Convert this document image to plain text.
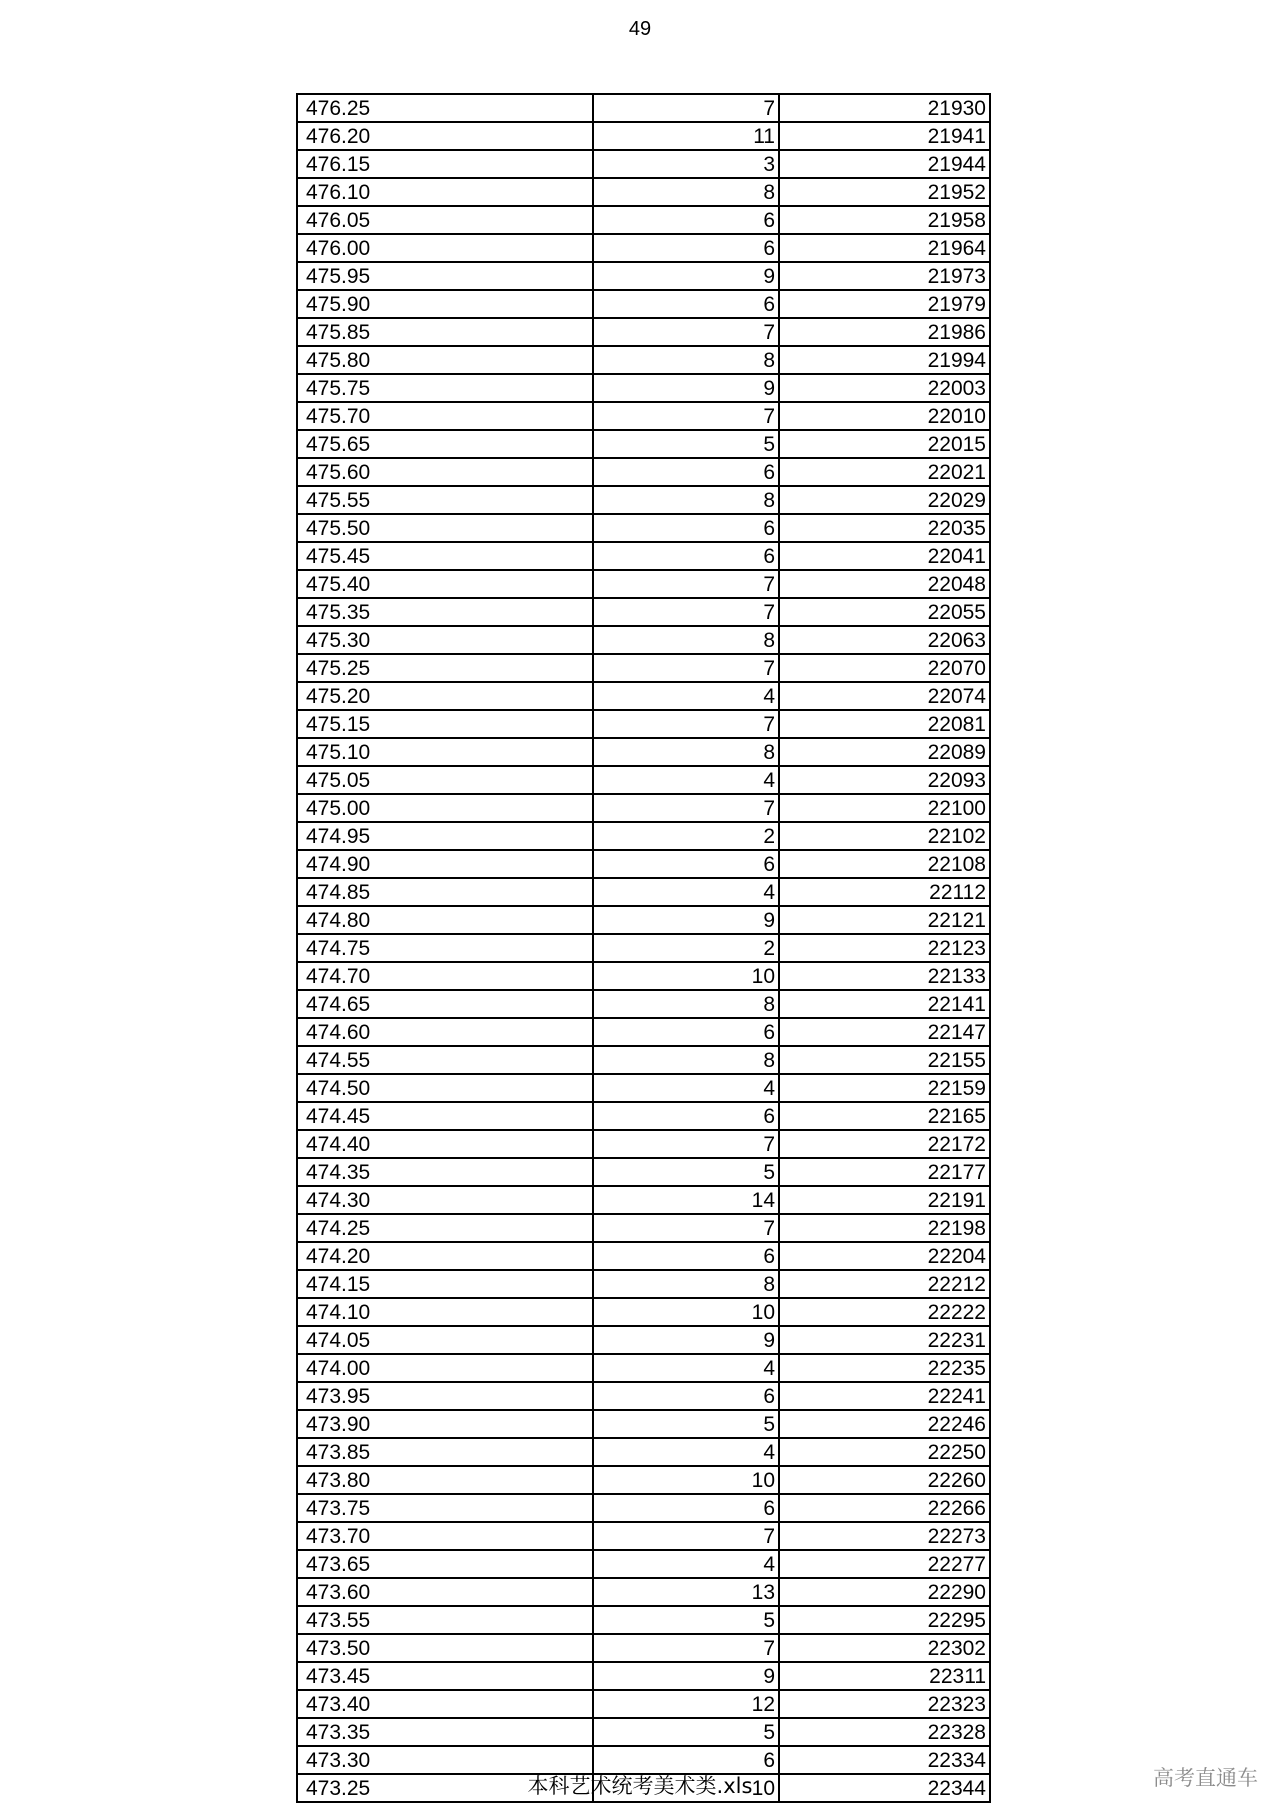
49
476.25	7	21930
476.20	11	21941
476.15	3	21944
476.10	8	21952
476.05	6	21958
476.00	6	21964
475.95	9	21973
475.90	6	21979
475.85	7	21986
475.80	8	21994
475.75	9	22003
475.70	7	22010
475.65	5	22015
475.60	6	22021
475.55	8	22029
475.50	6	22035
475.45	6	22041
475.40	7	22048
475.35	7	22055
475.30	8	22063
475.25	7	22070
475.20	4	22074
475.15	7	22081
475.10	8	22089
475.05	4	22093
475.00	7	22100
474.95	2	22102
474.90	6	22108
474.85	4	22112
474.80	9	22121
474.75	2	22123
474.70	10	22133
474.65	8	22141
474.60	6	22147
474.55	8	22155
474.50	4	22159
474.45	6	22165
474.40	7	22172
474.35	5	22177
474.30	14	22191
474.25	7	22198
474.20	6	22204
474.15	8	22212
474.10	10	22222
474.05	9	22231
474.00	4	22235
473.95	6	22241
473.90	5	22246
473.85	4	22250
473.80	10	22260
473.75	6	22266
473.70	7	22273
473.65	4	22277
473.60	13	22290
473.55	5	22295
473.50	7	22302
473.45	9	22311
473.40	12	22323
473.35	5	22328
473.30	6	22334
473.25	10	22344
本科艺术统考美术类.xls	高考直通车
